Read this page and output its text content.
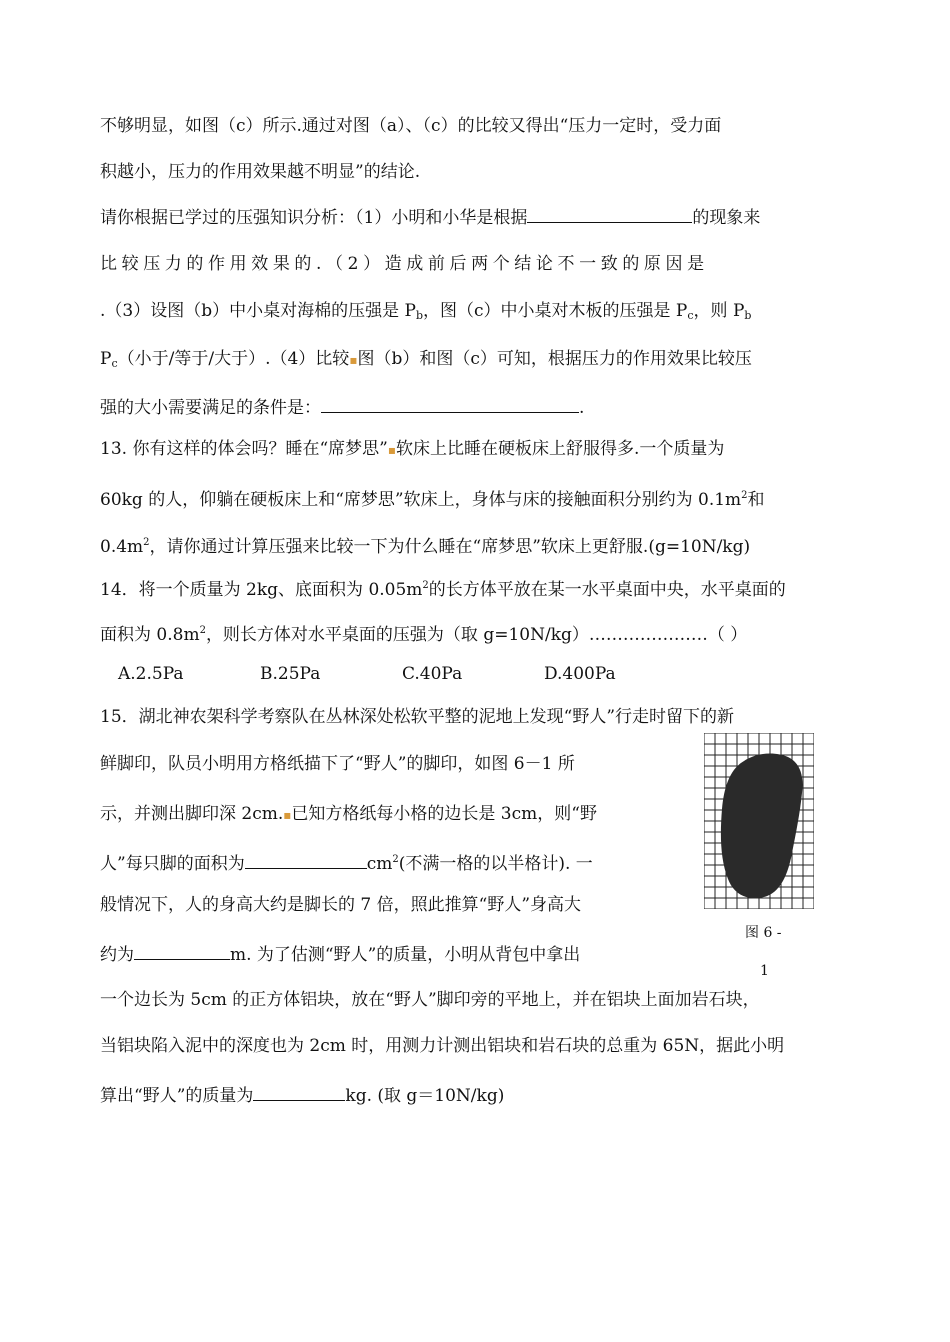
不够明显，如图（c）所示.通过对图（a）、（c）的比较又得出“压力一定时，受力面
积越小，压力的作用效果越不明显”的结论.
请你根据已学过的压强知识分析：（1）小明和小华是根据	的现象来
比 较 压 力 的 作 用 效 果 的 . （ 2 ） 造 成 前 后 两 个 结 论 不 一 致 的 原 因 是
.（3）设图（b）中小桌对海棉的压强是 $P_b$，图（c）中小桌对木板的压强是 $P_c$，则 $P_b$
$P_c$（小于/等于/大于）.（4）比较▪图（b）和图（c）可知，根据压力的作用效果比较压
强的大小需要满足的条件是：	.
13. 你有这样的体会吗？睡在“席梦思”▪软床上比睡在硬板床上舒服得多.一个质量为
60kg 的人，仰躺在硬板床上和“席梦思”软床上，身体与床的接触面积分别约为 $0.1m^2$和
$0.4m^2$，请你通过计算压强来比较一下为什么睡在“席梦思”软床上更舒服.(g=10N/kg)
14．将一个质量为 2kg、底面积为 $0.05m^2$的长方体平放在某一水平桌面中央，水平桌面的
面积为 $0.8m^2$，则长方体对水平桌面的压强为（取 g=10N/kg）…………………（ ）
A.2.5Pa	B.25Pa	C.40Pa	D.400Pa
15．湖北神农架科学考察队在丛林深处松软平整的泥地上发现“野人”行走时留下的新
鲜脚印，队员小明用方格纸描下了“野人”的脚印，如图 6－1 所
示，并测出脚印深 2cm.▪已知方格纸每小格的边长是 3cm，则“野
人”每只脚的面积为	$cm^2$(不满一格的以半格计). 一
般情况下，人的身高大约是脚长的 7 倍，照此推算“野人”身高大
约为	m. 为了估测“野人”的质量，小明从背包中拿出
一个边长为 5cm 的正方体铝块，放在“野人”脚印旁的平地上，并在铝块上面加岩石块，
当铝块陷入泥中的深度也为 2cm 时，用测力计测出铝块和岩石块的总重为 65N，据此小明
算出“野人”的质量为	kg. (取 g＝10N/kg)
图 6 -
1
